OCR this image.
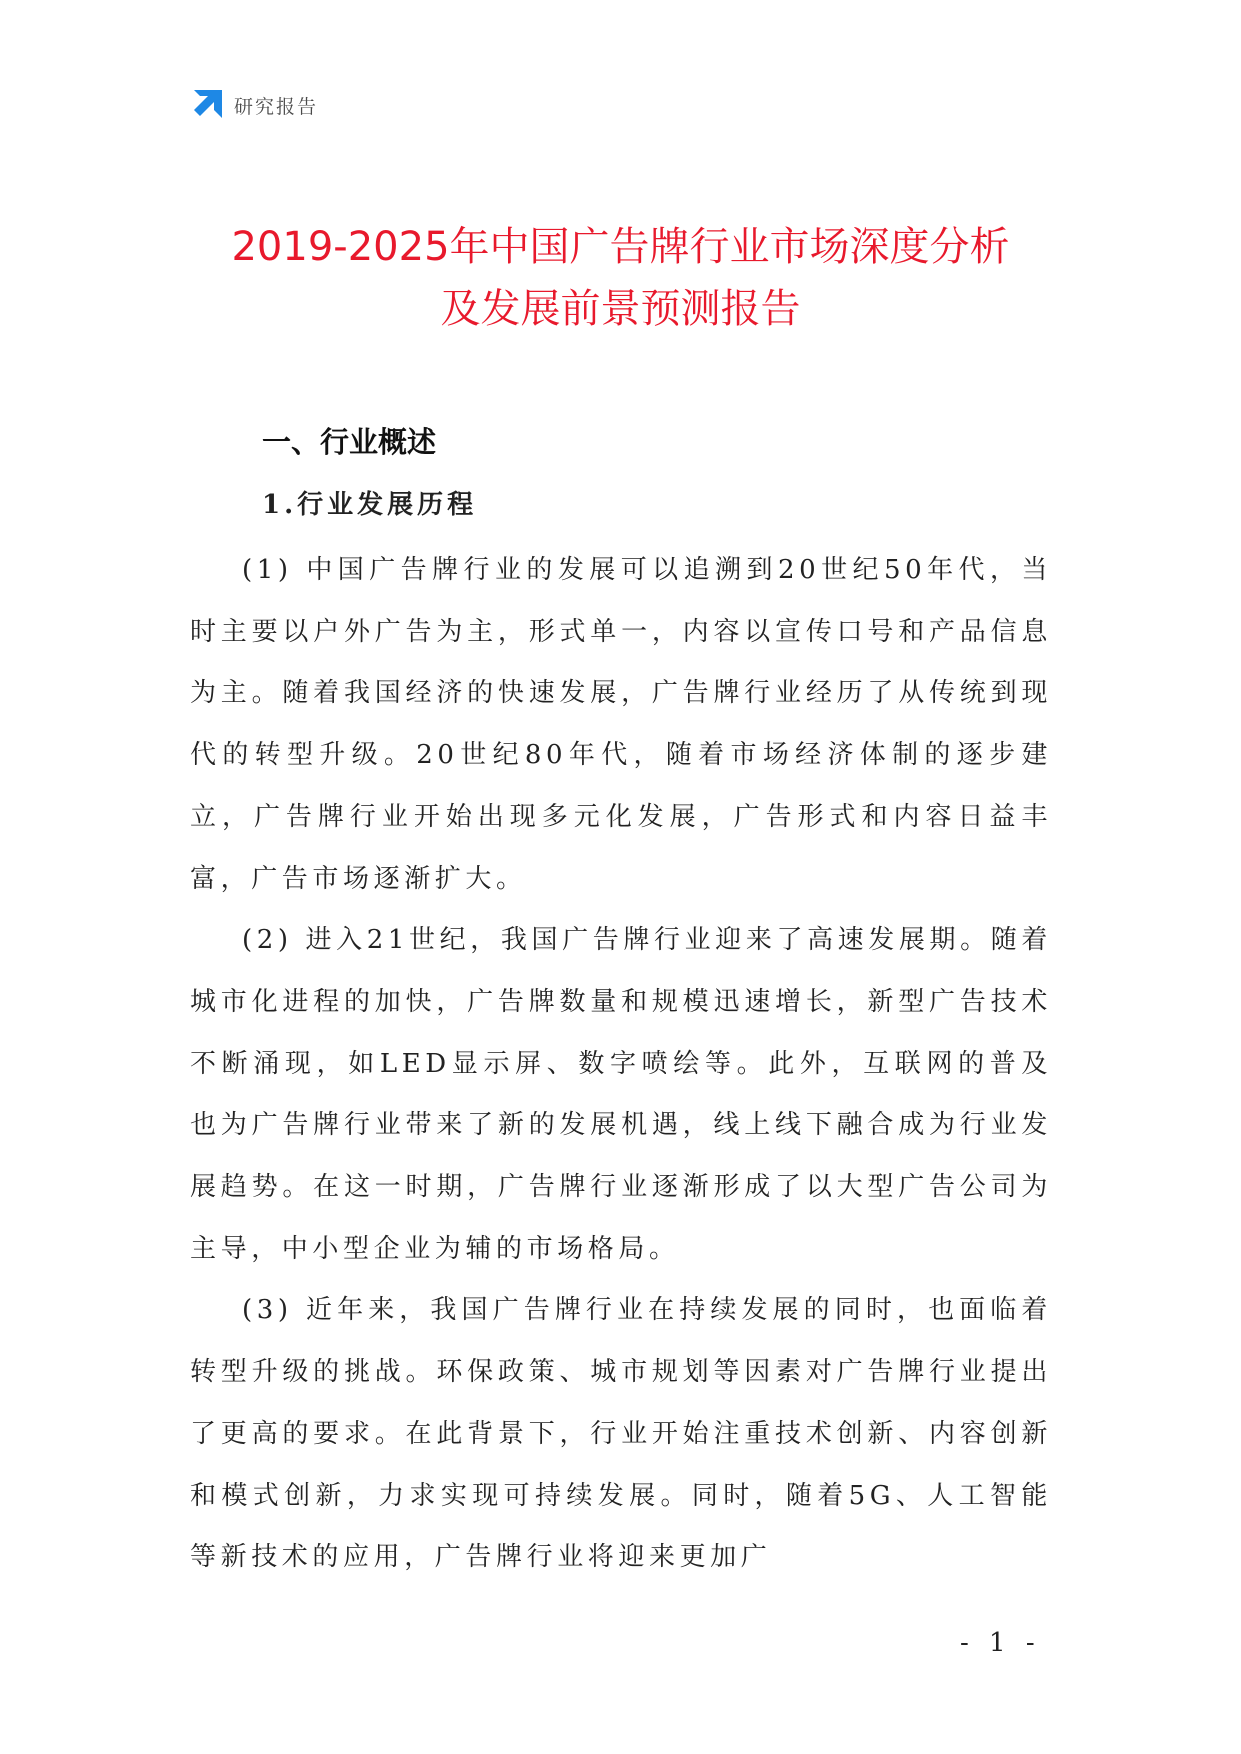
研究报告
2019-2025年中国广告牌行业市场深度分析
及发展前景预测报告
一、行业概述
1.行业发展历程

(1) 中国广告牌行业的发展可以追溯到20世纪50年代，当时主要以户外广告为主，形式单一，内容以宣传口号和产品信息为主。随着我国经济的快速发展，广告牌行业经历了从传统到现代的转型升级。20世纪80年代，随着市场经济体制的逐步建立，广告牌行业开始出现多元化发展，广告形式和内容日益丰富，广告市场逐渐扩大。

(2) 进入21世纪，我国广告牌行业迎来了高速发展期。随着城市化进程的加快，广告牌数量和规模迅速增长，新型广告技术不断涌现，如LED显示屏、数字喷绘等。此外，互联网的普及也为广告牌行业带来了新的发展机遇，线上线下融合成为行业发展趋势。在这一时期，广告牌行业逐渐形成了以大型广告公司为主导，中小型企业为辅的市场格局。

(3) 近年来，我国广告牌行业在持续发展的同时，也面临着转型升级的挑战。环保政策、城市规划等因素对广告牌行业提出了更高的要求。在此背景下，行业开始注重技术创新、内容创新和模式创新，力求实现可持续发展。同时，随着5G、人工智能等新技术的应用，广告牌行业将迎来更加广

- 1 -
